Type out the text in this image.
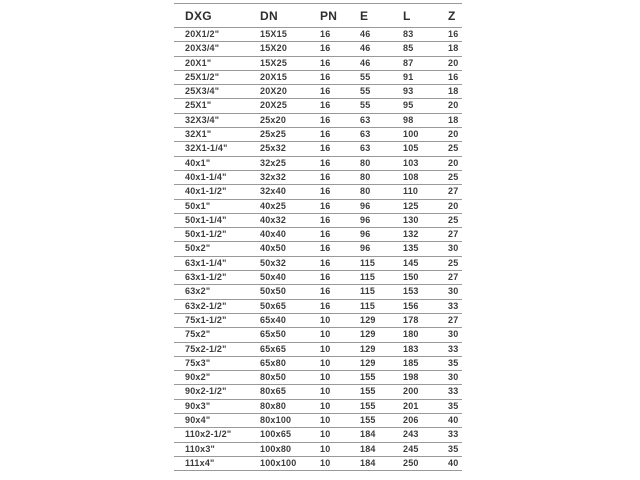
DXG	DN	PN	E	L	Z
20X1/2"	15X15	16	46	83	16
20X3/4"	15X20	16	46	85	18
20X1"	15X25	16	46	87	20
25X1/2"	20X15	16	55	91	16
25X3/4"	20X20	16	55	93	18
25X1"	20X25	16	55	95	20
32X3/4"	25x20	16	63	98	18
32X1"	25x25	16	63	100	20
32X1-1/4"	25x32	16	63	105	25
40x1"	32x25	16	80	103	20
40x1-1/4"	32x32	16	80	108	25
40x1-1/2"	32x40	16	80	110	27
50x1"	40x25	16	96	125	20
50x1-1/4"	40x32	16	96	130	25
50x1-1/2"	40x40	16	96	132	27
50x2"	40x50	16	96	135	30
63x1-1/4"	50x32	16	115	145	25
63x1-1/2"	50x40	16	115	150	27
63x2"	50x50	16	115	153	30
63x2-1/2"	50x65	16	115	156	33
75x1-1/2"	65x40	10	129	178	27
75x2"	65x50	10	129	180	30
75x2-1/2"	65x65	10	129	183	33
75x3"	65x80	10	129	185	35
90x2"	80x50	10	155	198	30
90x2-1/2"	80x65	10	155	200	33
90x3"	80x80	10	155	201	35
90x4"	80x100	10	155	206	40
110x2-1/2"	100x65	10	184	243	33
110x3"	100x80	10	184	245	35
111x4"	100x100	10	184	250	40
